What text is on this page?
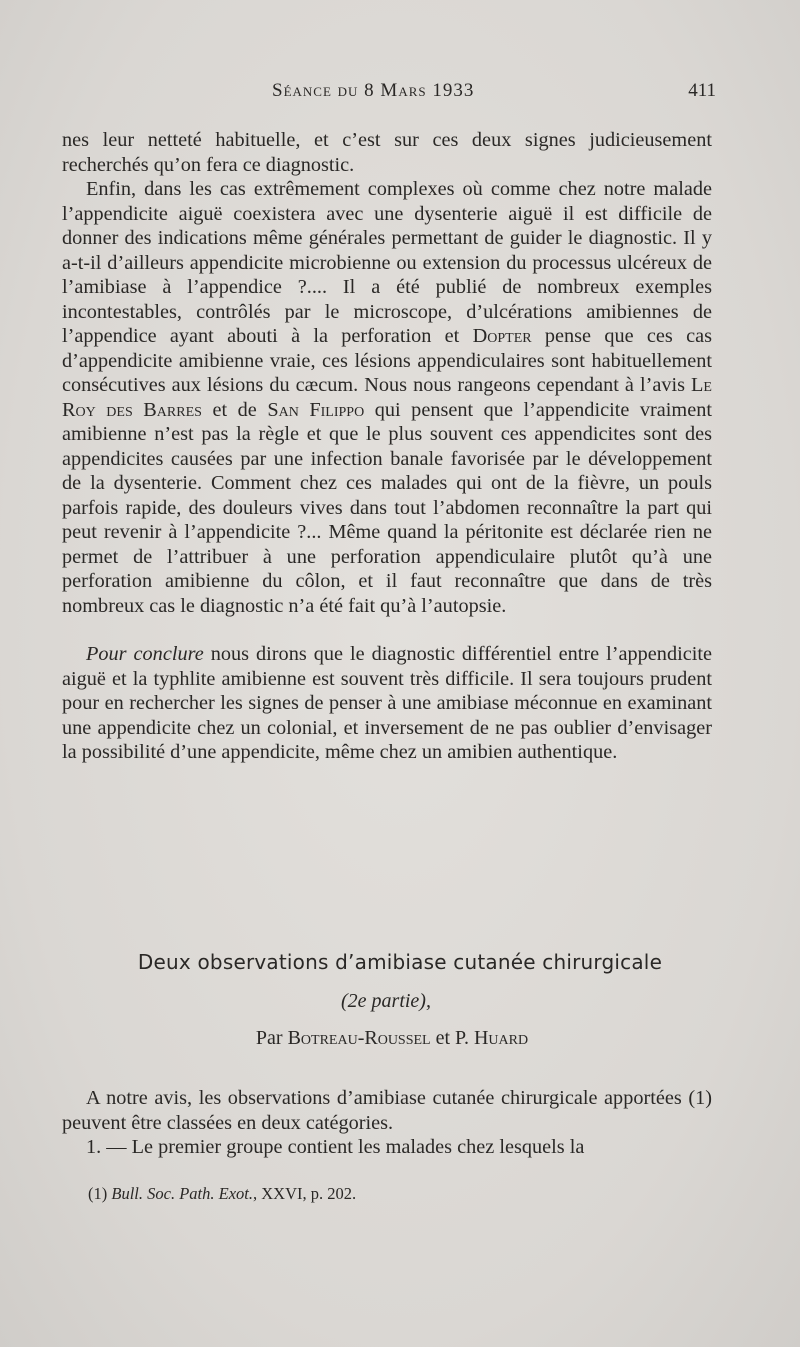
Séance du 8 Mars 1933	411

nes leur netteté habituelle, et c’est sur ces deux signes judicieusement recherchés qu’on fera ce diagnostic.

Enfin, dans les cas extrêmement complexes où comme chez notre malade l’appendicite aiguë coexistera avec une dysenterie aiguë il est difficile de donner des indications même générales permettant de guider le diagnostic. Il y a-t-il d’ailleurs appendicite microbienne ou extension du processus ulcéreux de l’amibiase à l’appendice ?.... Il a été publié de nombreux exemples incontestables, contrôlés par le microscope, d’ulcérations amibiennes de l’appendice ayant abouti à la perforation et Dopter pense que ces cas d’appendicite amibienne vraie, ces lésions appendiculaires sont habituellement consécutives aux lésions du cæcum. Nous nous rangeons cependant à l’avis Le Roy des Barres et de San Filippo qui pensent que l’appendicite vraiment amibienne n’est pas la règle et que le plus souvent ces appendicites sont des appendicites causées par une infection banale favorisée par le développement de la dysenterie. Comment chez ces malades qui ont de la fièvre, un pouls parfois rapide, des douleurs vives dans tout l’abdomen reconnaître la part qui peut revenir à l’appendicite ?... Même quand la péritonite est déclarée rien ne permet de l’attribuer à une perforation appendiculaire plutôt qu’à une perforation amibienne du côlon, et il faut reconnaître que dans de très nombreux cas le diagnostic n’a été fait qu’à l’autopsie.

Pour conclure nous dirons que le diagnostic différentiel entre l’appendicite aiguë et la typhlite amibienne est souvent très difficile. Il sera toujours prudent pour en rechercher les signes de penser à une amibiase méconnue en examinant une appendicite chez un colonial, et inversement de ne pas oublier d’envisager la possibilité d’une appendicite, même chez un amibien authentique.

Deux observations d’amibiase cutanée chirurgicale
(2e partie),
Par Botreau-Roussel et P. Huard

A notre avis, les observations d’amibiase cutanée chirurgicale apportées (1) peuvent être classées en deux catégories.

1. — Le premier groupe contient les malades chez lesquels la

(1) Bull. Soc. Path. Exot., XXVI, p. 202.
